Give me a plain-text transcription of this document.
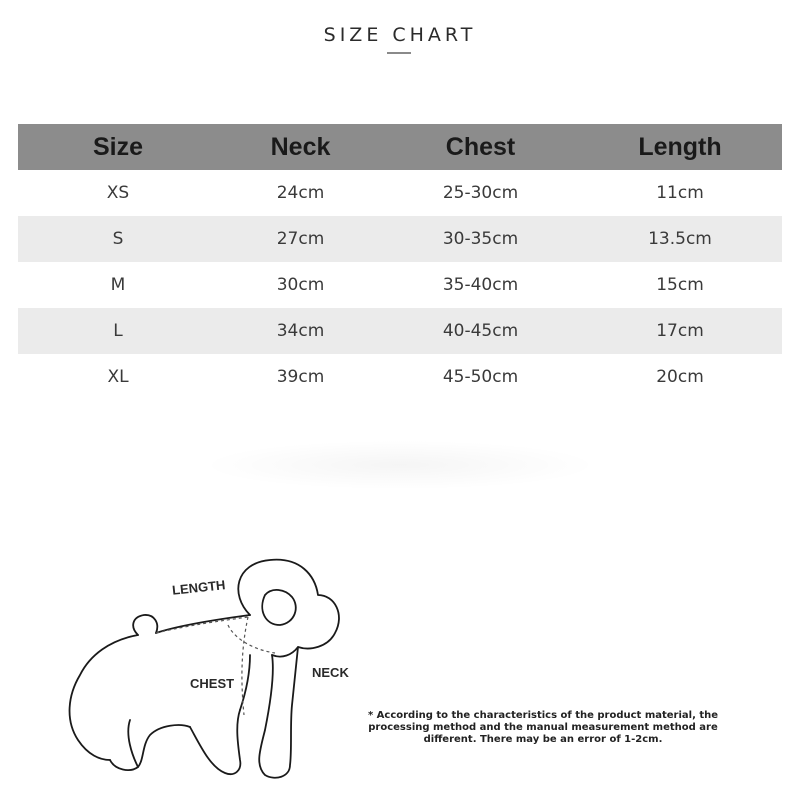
SIZE CHART
Size	Neck	Chest	Length
XS	24cm	25-30cm	11cm
S	27cm	30-35cm	13.5cm
M	30cm	35-40cm	15cm
L	34cm	40-45cm	17cm
XL	39cm	45-50cm	20cm
LENGTH
CHEST
NECK
* According to the characteristics of the product material, the processing method and the manual measurement method are different. There may be an error of 1-2cm.
